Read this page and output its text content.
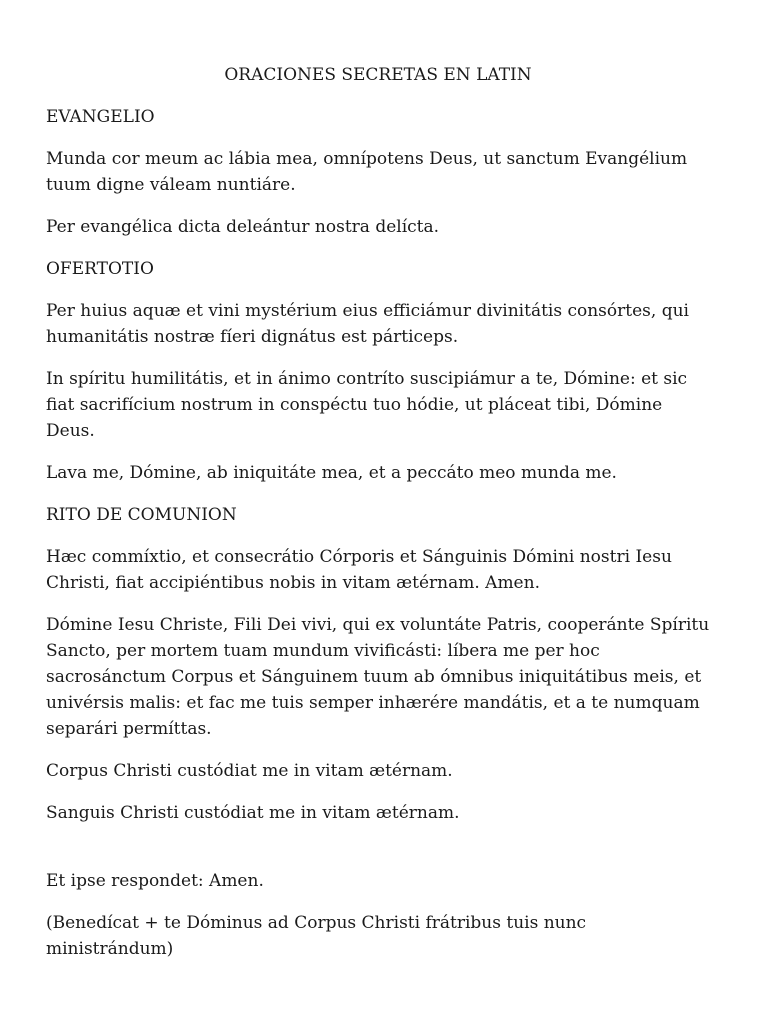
ORACIONES SECRETAS EN LATIN
EVANGELIO

Munda cor meum ac lábia mea, omnípotens Deus, ut sanctum Evangélium tuum digne váleam nuntiáre.

Per evangélica dicta deleántur nostra delícta.

OFERTOTIO

Per huius aquæ et vini mystérium eius efficiámur divinitátis consórtes, qui humanitátis nostræ fíeri dignátus est párticeps.

In spíritu humilitátis, et in ánimo contríto suscipiámur a te, Dómine: et sic fiat sacrifícium nostrum in conspéctu tuo hódie, ut pláceat tibi, Dómine Deus.

Lava me, Dómine, ab iniquitáte mea, et a peccáto meo munda me.

RITO DE COMUNION

Hæc commíxtio, et consecrátio Córporis et Sánguinis Dómini nostri Iesu Christi, fiat accipiéntibus nobis in vitam ætérnam. Amen.

Dómine Iesu Christe, Fili Dei vivi, qui ex voluntáte Patris, cooperánte Spíritu Sancto, per mortem tuam mundum vivificásti: líbera me per hoc sacrosánctum Corpus et Sánguinem tuum ab ómnibus iniquitátibus meis, et univérsis malis: et fac me tuis semper inhærére mandátis, et a te numquam separári permíttas.

Corpus Christi custódiat me in vitam ætérnam.

Sanguis Christi custódiat me in vitam ætérnam.

Et ipse respondet: Amen.

(Benedícat + te Dóminus ad Corpus Christi frátribus tuis nunc ministrándum)
